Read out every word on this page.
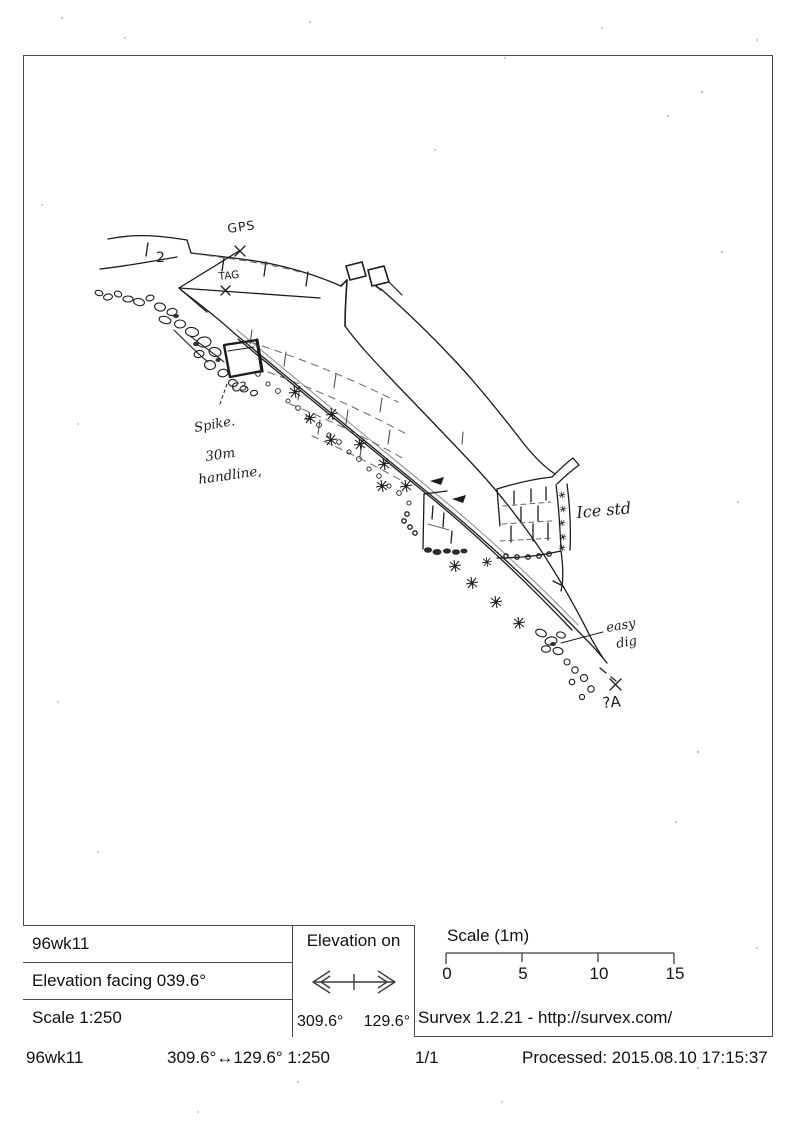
GPS
TAG
2
C3
Spike.
30m
handline,
Ice std
easy
dig
?A
96wk11
Elevation facing 039.6°
Scale 1:250
Elevation on
309.6° 129.6°
Scale (1m)
0	5	10	15
Survex 1.2.21 - http://survex.com/
96wk11	309.6°↔129.6° 1:250	1/1	Processed: 2015.08.10 17:15:37
